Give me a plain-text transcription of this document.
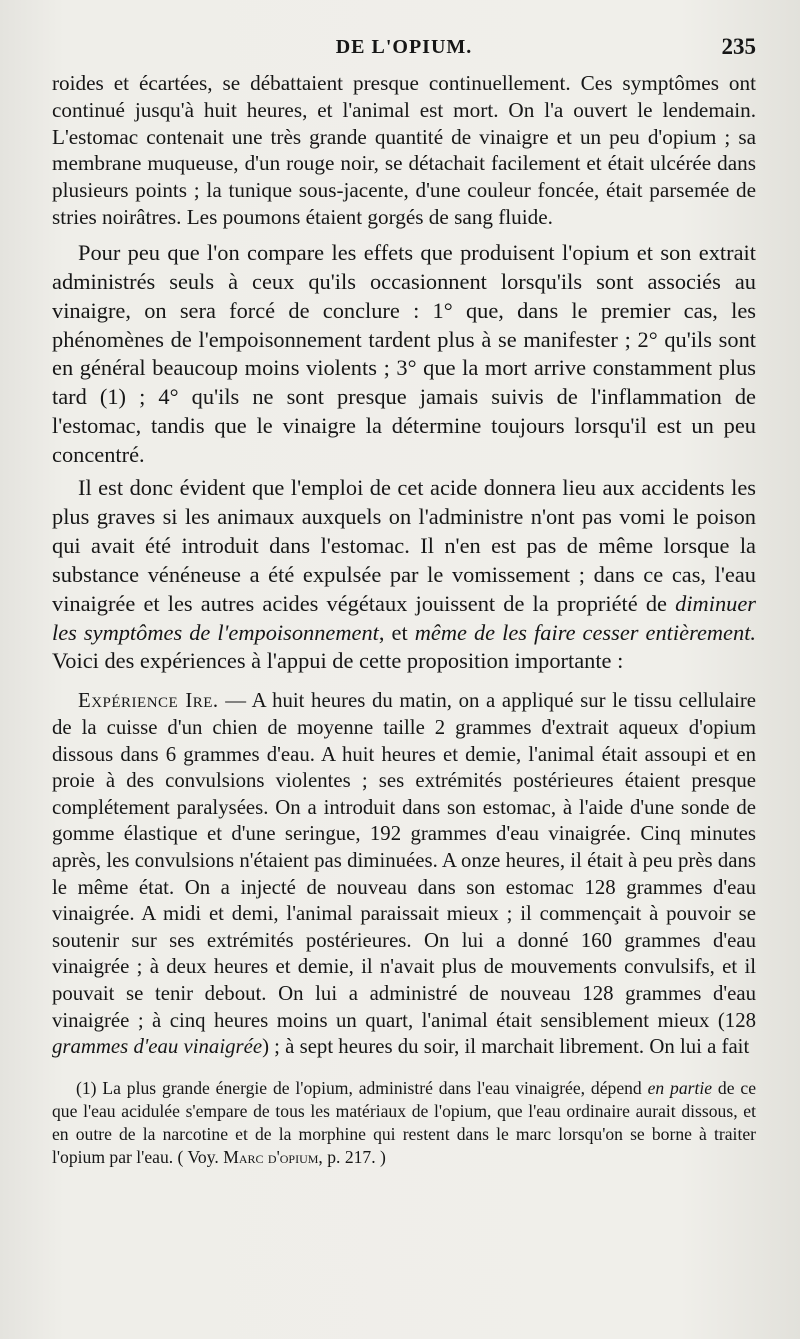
DE L'OPIUM.	235

roides et écartées, se débattaient presque continuellement. Ces symptômes ont continué jusqu'à huit heures, et l'animal est mort. On l'a ouvert le lendemain. L'estomac contenait une très grande quantité de vinaigre et un peu d'opium ; sa membrane muqueuse, d'un rouge noir, se détachait facilement et était ulcérée dans plusieurs points ; la tunique sous-jacente, d'une couleur foncée, était parsemée de stries noirâtres. Les poumons étaient gorgés de sang fluide.

Pour peu que l'on compare les effets que produisent l'opium et son extrait administrés seuls à ceux qu'ils occasionnent lorsqu'ils sont associés au vinaigre, on sera forcé de conclure : 1° que, dans le premier cas, les phénomènes de l'empoisonnement tardent plus à se manifester ; 2° qu'ils sont en général beaucoup moins violents ; 3° que la mort arrive constamment plus tard (1) ; 4° qu'ils ne sont presque jamais suivis de l'inflammation de l'estomac, tandis que le vinaigre la détermine toujours lorsqu'il est un peu concentré.

Il est donc évident que l'emploi de cet acide donnera lieu aux accidents les plus graves si les animaux auxquels on l'administre n'ont pas vomi le poison qui avait été introduit dans l'estomac. Il n'en est pas de même lorsque la substance vénéneuse a été expulsée par le vomissement ; dans ce cas, l'eau vinaigrée et les autres acides végétaux jouissent de la propriété de diminuer les symptômes de l'empoisonnement, et même de les faire cesser entièrement. Voici des expériences à l'appui de cette proposition importante :

Expérience Ire. — A huit heures du matin, on a appliqué sur le tissu cellulaire de la cuisse d'un chien de moyenne taille 2 grammes d'extrait aqueux d'opium dissous dans 6 grammes d'eau. A huit heures et demie, l'animal était assoupi et en proie à des convulsions violentes ; ses extrémités postérieures étaient presque complétement paralysées. On a introduit dans son estomac, à l'aide d'une sonde de gomme élastique et d'une seringue, 192 grammes d'eau vinaigrée. Cinq minutes après, les convulsions n'étaient pas diminuées. A onze heures, il était à peu près dans le même état. On a injecté de nouveau dans son estomac 128 grammes d'eau vinaigrée. A midi et demi, l'animal paraissait mieux ; il commençait à pouvoir se soutenir sur ses extrémités postérieures. On lui a donné 160 grammes d'eau vinaigrée ; à deux heures et demie, il n'avait plus de mouvements convulsifs, et il pouvait se tenir debout. On lui a administré de nouveau 128 grammes d'eau vinaigrée ; à cinq heures moins un quart, l'animal était sensiblement mieux (128 grammes d'eau vinaigrée) ; à sept heures du soir, il marchait librement. On lui a fait

(1) La plus grande énergie de l'opium, administré dans l'eau vinaigrée, dépend en partie de ce que l'eau acidulée s'empare de tous les matériaux de l'opium, que l'eau ordinaire aurait dissous, et en outre de la narcotine et de la morphine qui restent dans le marc lorsqu'on se borne à traiter l'opium par l'eau. ( Voy. Marc d'opium, p. 217. )
